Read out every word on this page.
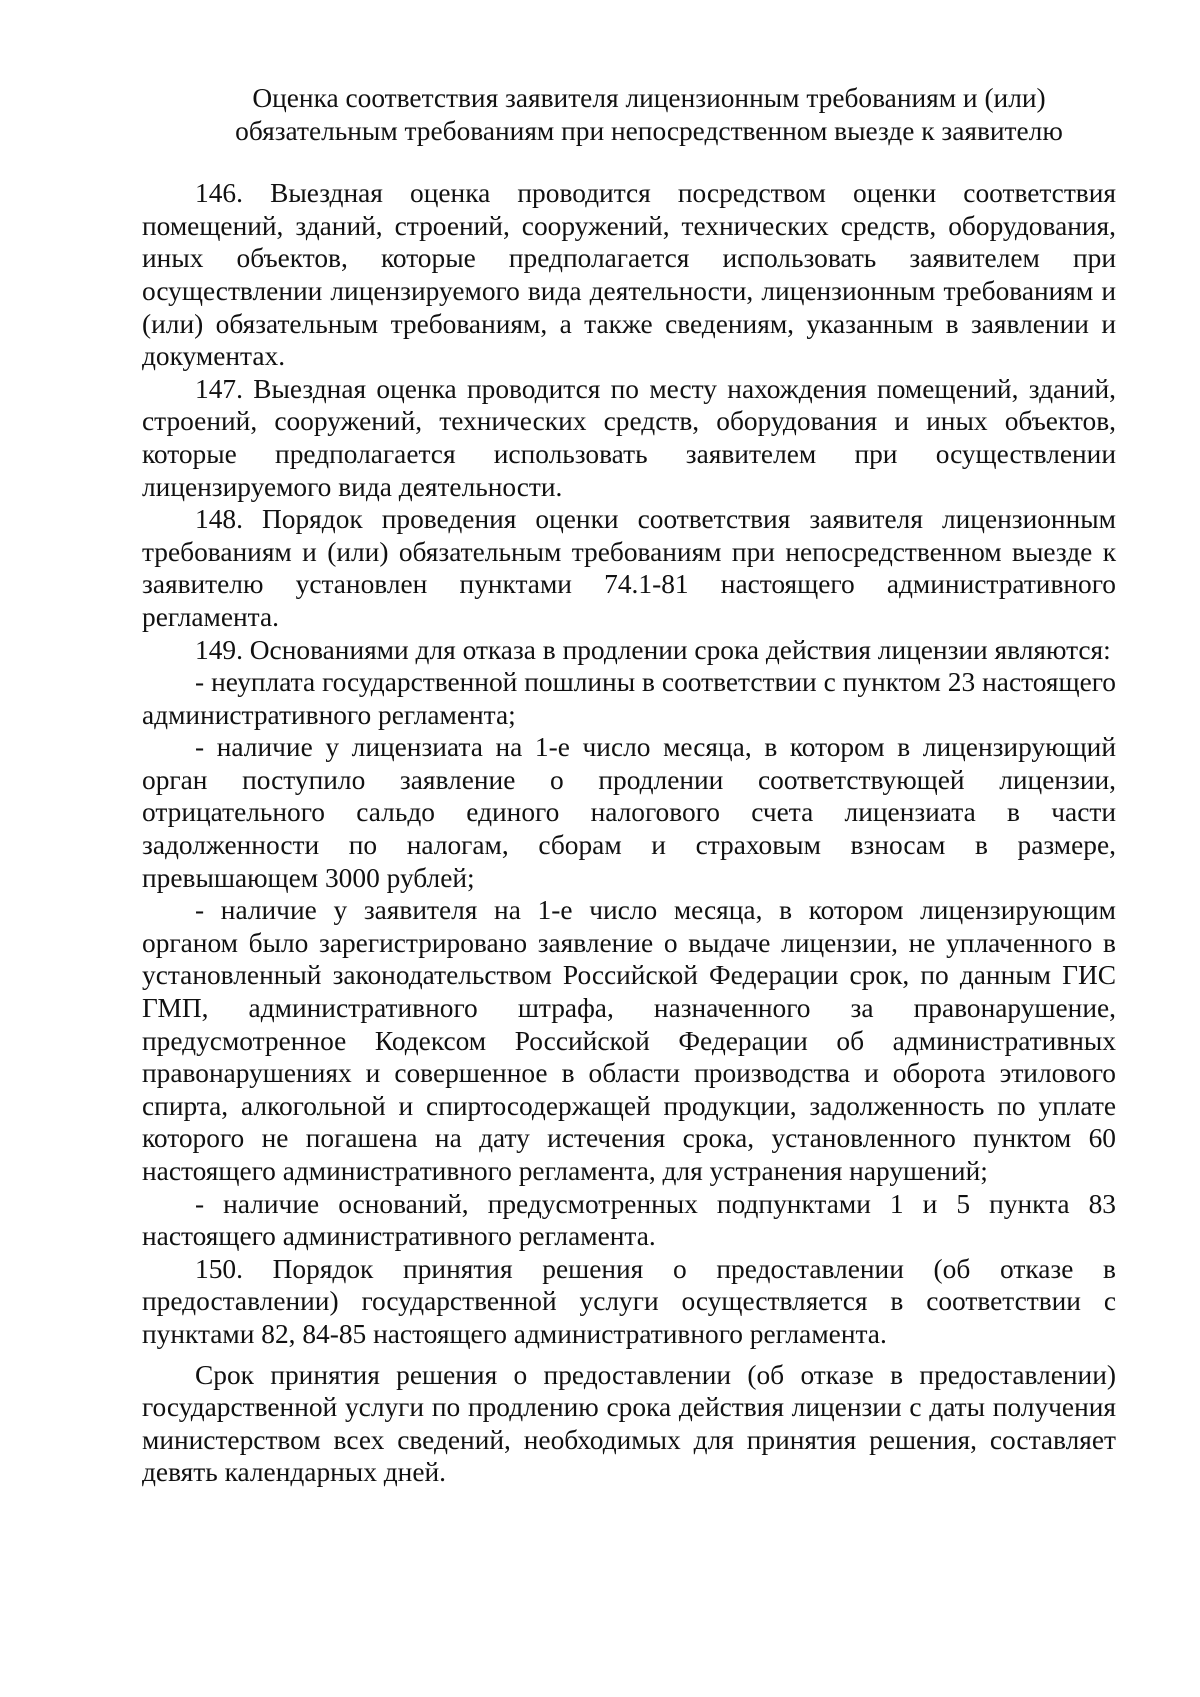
Оценка соответствия заявителя лицензионным требованиям и (или)
обязательным требованиям при непосредственном выезде к заявителю

146. Выездная оценка проводится посредством оценки соответствия помещений, зданий, строений, сооружений, технических средств, оборудования, иных объектов, которые предполагается использовать заявителем при осуществлении лицензируемого вида деятельности, лицензионным требованиям и (или) обязательным требованиям, а также сведениям, указанным в заявлении и документах.

147. Выездная оценка проводится по месту нахождения помещений, зданий, строений, сооружений, технических средств, оборудования и иных объектов, которые предполагается использовать заявителем при осуществлении лицензируемого вида деятельности.

148. Порядок проведения оценки соответствия заявителя лицензионным требованиям и (или) обязательным требованиям при непосредственном выезде к заявителю установлен пунктами 74.1-81 настоящего административного регламента.

149. Основаниями для отказа в продлении срока действия лицензии являются:

- неуплата государственной пошлины в соответствии с пунктом 23 настоящего административного регламента;

- наличие у лицензиата на 1-е число месяца, в котором в лицензирующий орган поступило заявление о продлении соответствующей лицензии, отрицательного сальдо единого налогового счета лицензиата в части задолженности по налогам, сборам и страховым взносам в размере, превышающем 3000 рублей;

- наличие у заявителя на 1-е число месяца, в котором лицензирующим органом было зарегистрировано заявление о выдаче лицензии, не уплаченного в установленный законодательством Российской Федерации срок, по данным ГИС ГМП, административного штрафа, назначенного за правонарушение, предусмотренное Кодексом Российской Федерации об административных правонарушениях и совершенное в области производства и оборота этилового спирта, алкогольной и спиртосодержащей продукции, задолженность по уплате которого не погашена на дату истечения срока, установленного пунктом 60 настоящего административного регламента, для устранения нарушений;

- наличие оснований, предусмотренных подпунктами 1 и 5 пункта 83 настоящего административного регламента.

150. Порядок принятия решения о предоставлении (об отказе в предоставлении) государственной услуги осуществляется в соответствии с пунктами 82, 84-85 настоящего административного регламента.

Срок принятия решения о предоставлении (об отказе в предоставлении) государственной услуги по продлению срока действия лицензии с даты получения министерством всех сведений, необходимых для принятия решения, составляет девять календарных дней.
